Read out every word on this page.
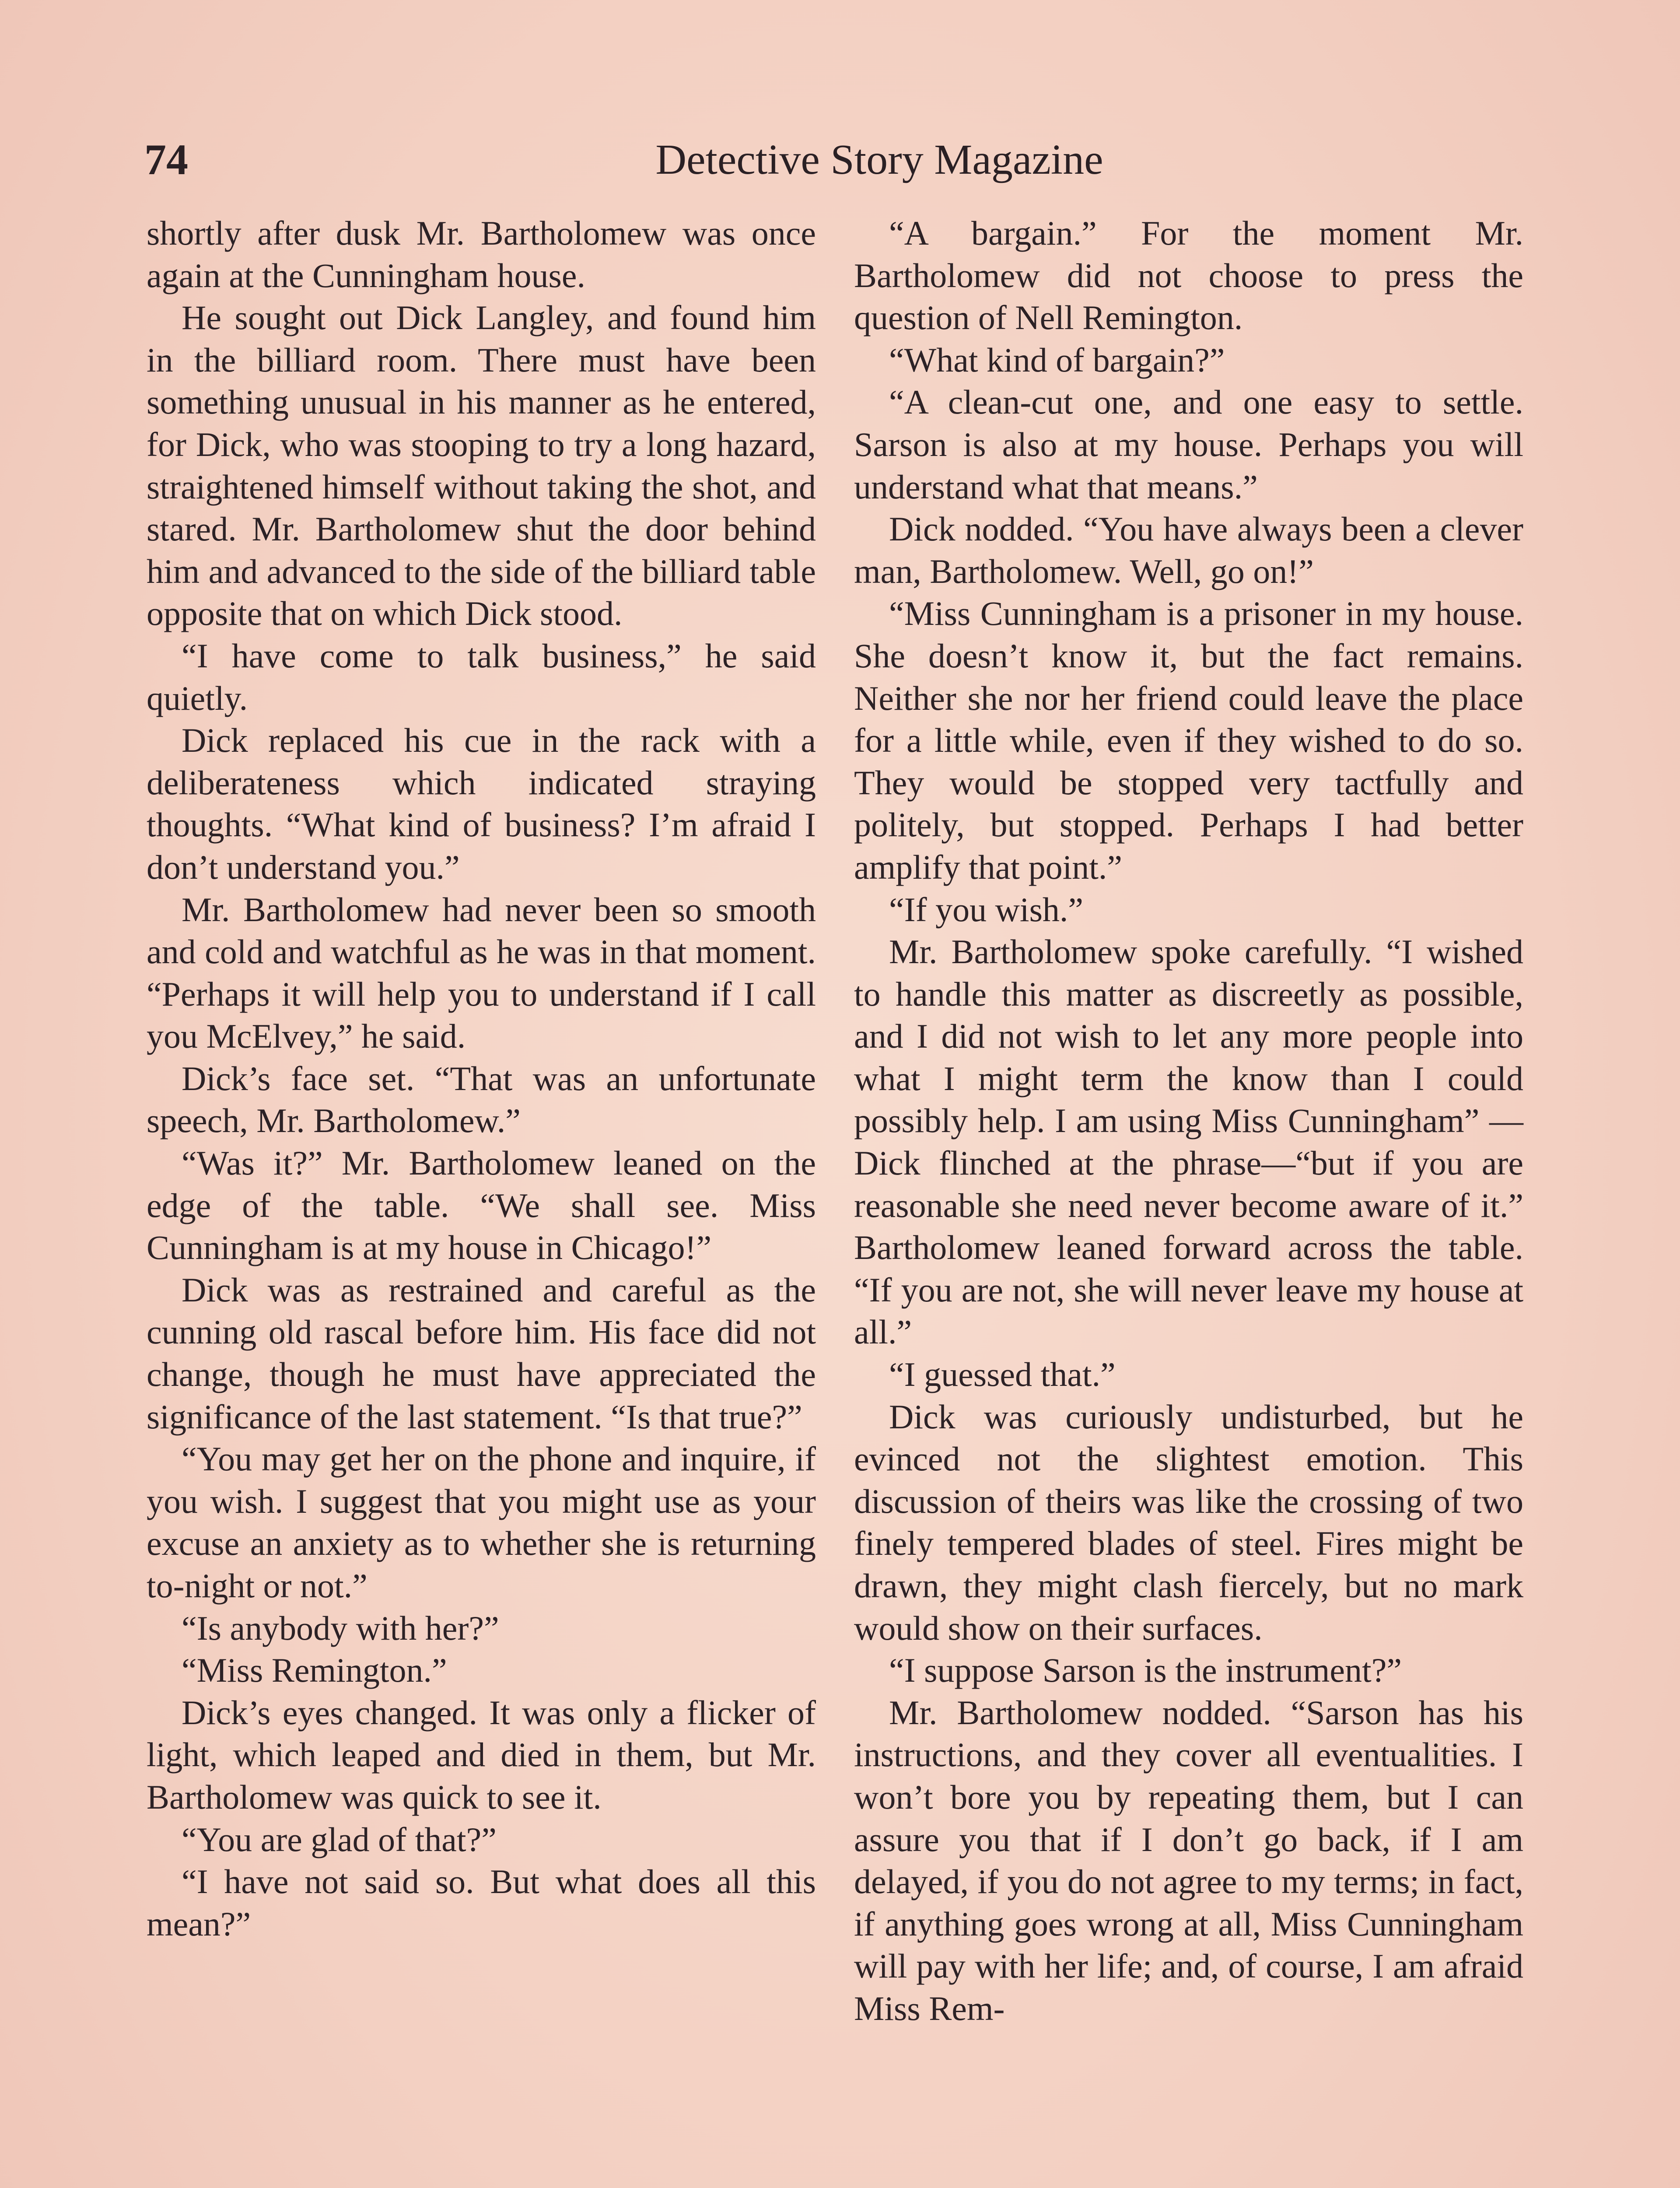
74	Detective Story Magazine

shortly after dusk Mr. Bartholomew was once again at the Cunningham house.

He sought out Dick Langley, and found him in the billiard room. There must have been something unusual in his manner as he entered, for Dick, who was stooping to try a long hazard, straightened himself without taking the shot, and stared. Mr. Bartholomew shut the door behind him and advanced to the side of the billiard table opposite that on which Dick stood.

“I have come to talk business,” he said quietly.

Dick replaced his cue in the rack with a deliberateness which indicated straying thoughts. “What kind of business? I’m afraid I don’t understand you.”

Mr. Bartholomew had never been so smooth and cold and watchful as he was in that moment. “Perhaps it will help you to understand if I call you McElvey,” he said.

Dick’s face set. “That was an unfortunate speech, Mr. Bartholomew.”

“Was it?” Mr. Bartholomew leaned on the edge of the table. “We shall see. Miss Cunningham is at my house in Chicago!”

Dick was as restrained and careful as the cunning old rascal before him. His face did not change, though he must have appreciated the significance of the last statement. “Is that true?”

“You may get her on the phone and inquire, if you wish. I suggest that you might use as your excuse an anxiety as to whether she is returning to-night or not.”

“Is anybody with her?”

“Miss Remington.”

Dick’s eyes changed. It was only a flicker of light, which leaped and died in them, but Mr. Bartholomew was quick to see it.

“You are glad of that?”

“I have not said so. But what does all this mean?”

“A bargain.” For the moment Mr. Bartholomew did not choose to press the question of Nell Remington.

“What kind of bargain?”

“A clean-cut one, and one easy to settle. Sarson is also at my house. Perhaps you will understand what that means.”

Dick nodded. “You have always been a clever man, Bartholomew. Well, go on!”

“Miss Cunningham is a prisoner in my house. She doesn’t know it, but the fact remains. Neither she nor her friend could leave the place for a little while, even if they wished to do so. They would be stopped very tactfully and politely, but stopped. Perhaps I had better amplify that point.”

“If you wish.”

Mr. Bartholomew spoke carefully. “I wished to handle this matter as discreetly as possible, and I did not wish to let any more people into what I might term the know than I could possibly help. I am using Miss Cunningham” —Dick flinched at the phrase—“but if you are reasonable she need never become aware of it.” Bartholomew leaned forward across the table. “If you are not, she will never leave my house at all.”

“I guessed that.”

Dick was curiously undisturbed, but he evinced not the slightest emotion. This discussion of theirs was like the crossing of two finely tempered blades of steel. Fires might be drawn, they might clash fiercely, but no mark would show on their surfaces.

“I suppose Sarson is the instrument?”

Mr. Bartholomew nodded. “Sarson has his instructions, and they cover all eventualities. I won’t bore you by repeating them, but I can assure you that if I don’t go back, if I am delayed, if you do not agree to my terms; in fact, if anything goes wrong at all, Miss Cunningham will pay with her life; and, of course, I am afraid Miss Rem-
